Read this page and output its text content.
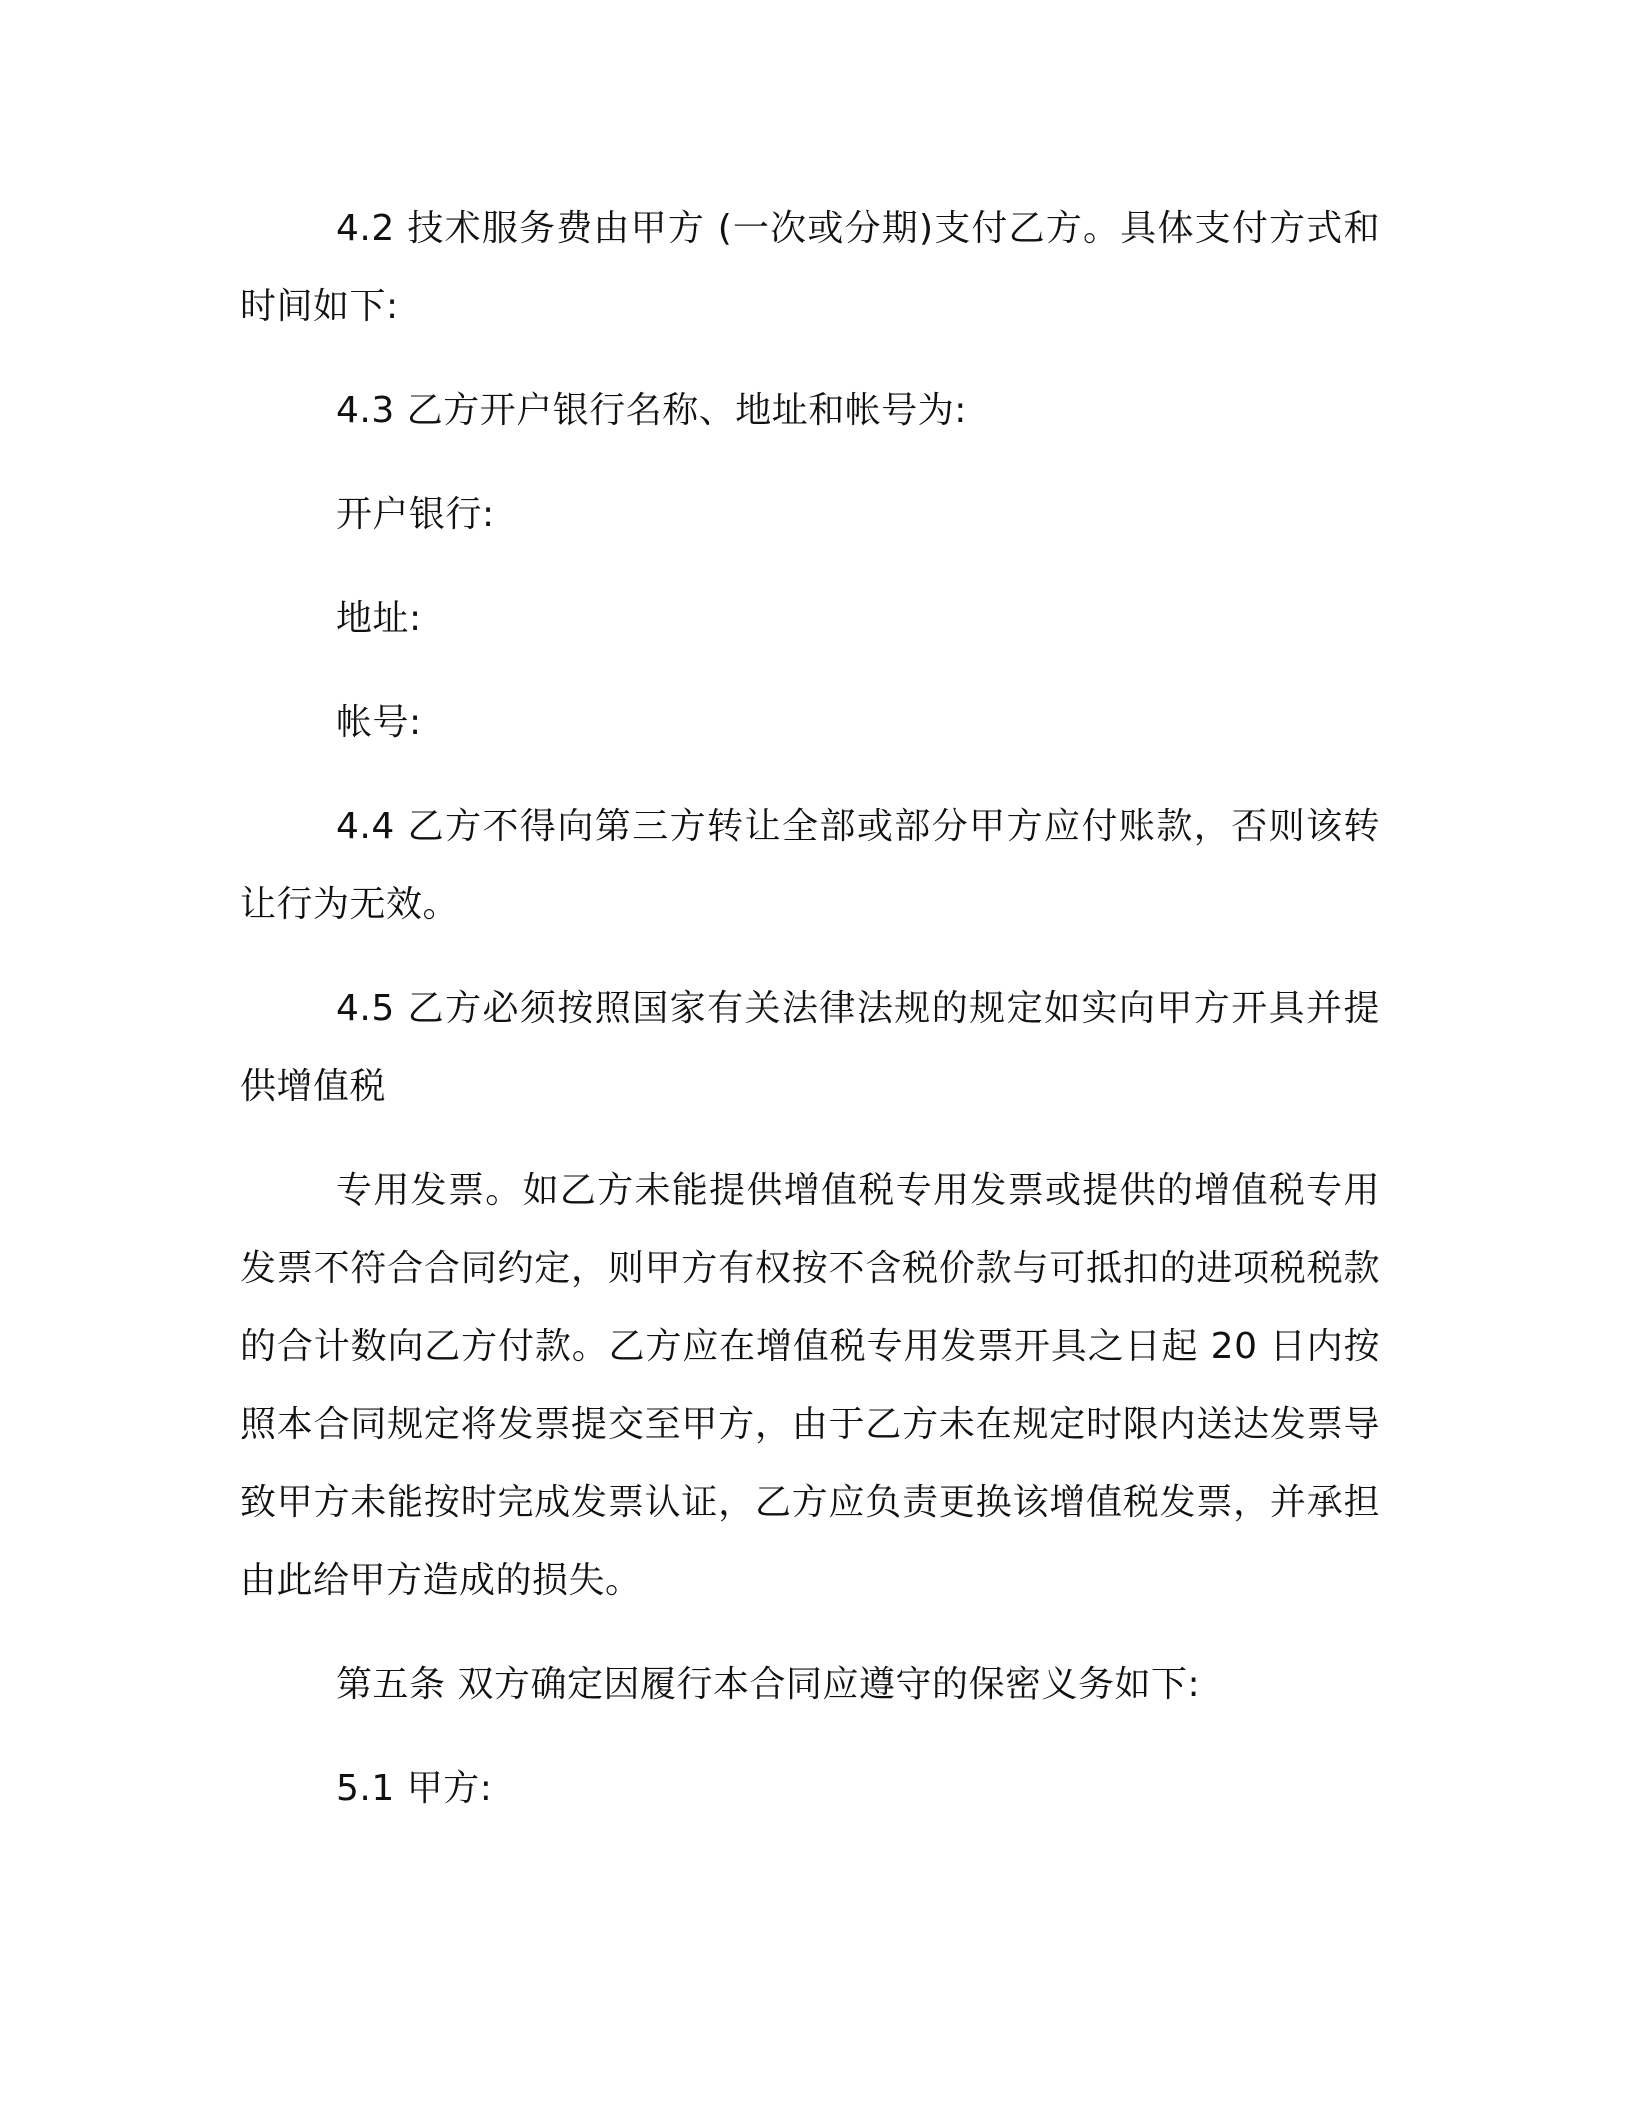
4.2 技术服务费由甲方 (一次或分期)支付乙方。具体支付方式和时间如下:

4.3 乙方开户银行名称、地址和帐号为:

开户银行:

地址:

帐号:

4.4 乙方不得向第三方转让全部或部分甲方应付账款，否则该转让行为无效。

4.5 乙方必须按照国家有关法律法规的规定如实向甲方开具并提供增值税

专用发票。如乙方未能提供增值税专用发票或提供的增值税专用发票不符合合同约定，则甲方有权按不含税价款与可抵扣的进项税税款的合计数向乙方付款。乙方应在增值税专用发票开具之日起 20 日内按照本合同规定将发票提交至甲方，由于乙方未在规定时限内送达发票导致甲方未能按时完成发票认证，乙方应负责更换该增值税发票，并承担由此给甲方造成的损失。

第五条 双方确定因履行本合同应遵守的保密义务如下:

5.1 甲方:
